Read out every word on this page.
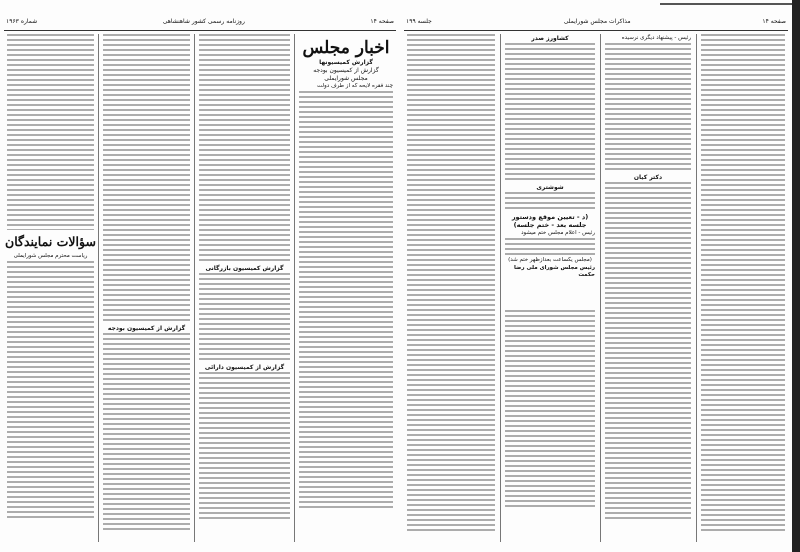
صفحه ۱۴
روزنامه رسمی کشور شاهنشاهی
شماره ۱۹۶۳
اخبار مجلس
گزارش کمیسیونها
گزارش از کمیسیون بودجه
مجلس شورایملی
چند فقره لایحه که از طرف دولت
گزارش کمیسیون بازرگانی
گزارش از کمیسیون دارائی
گزارش از کمیسیون بودجه
سؤالات نمایندگان
ریاست محترم مجلس شورایملی
صفحه ۱۴
مذاکرات مجلس شورایملی
جلسه ۱۹۹
رئیس - پیشنهاد دیگری نرسیده
دکتر کیان
کشاورز صدر
شوشتری
(د - تعیین موقع ودستور جلسه بعد - ختم جلسه)
رئیس - اعلام مجلس ختم میشود
(مجلس یکساعت بعدازظهر ختم شد)
رئیس مجلس شورای ملی رضا حکمت
